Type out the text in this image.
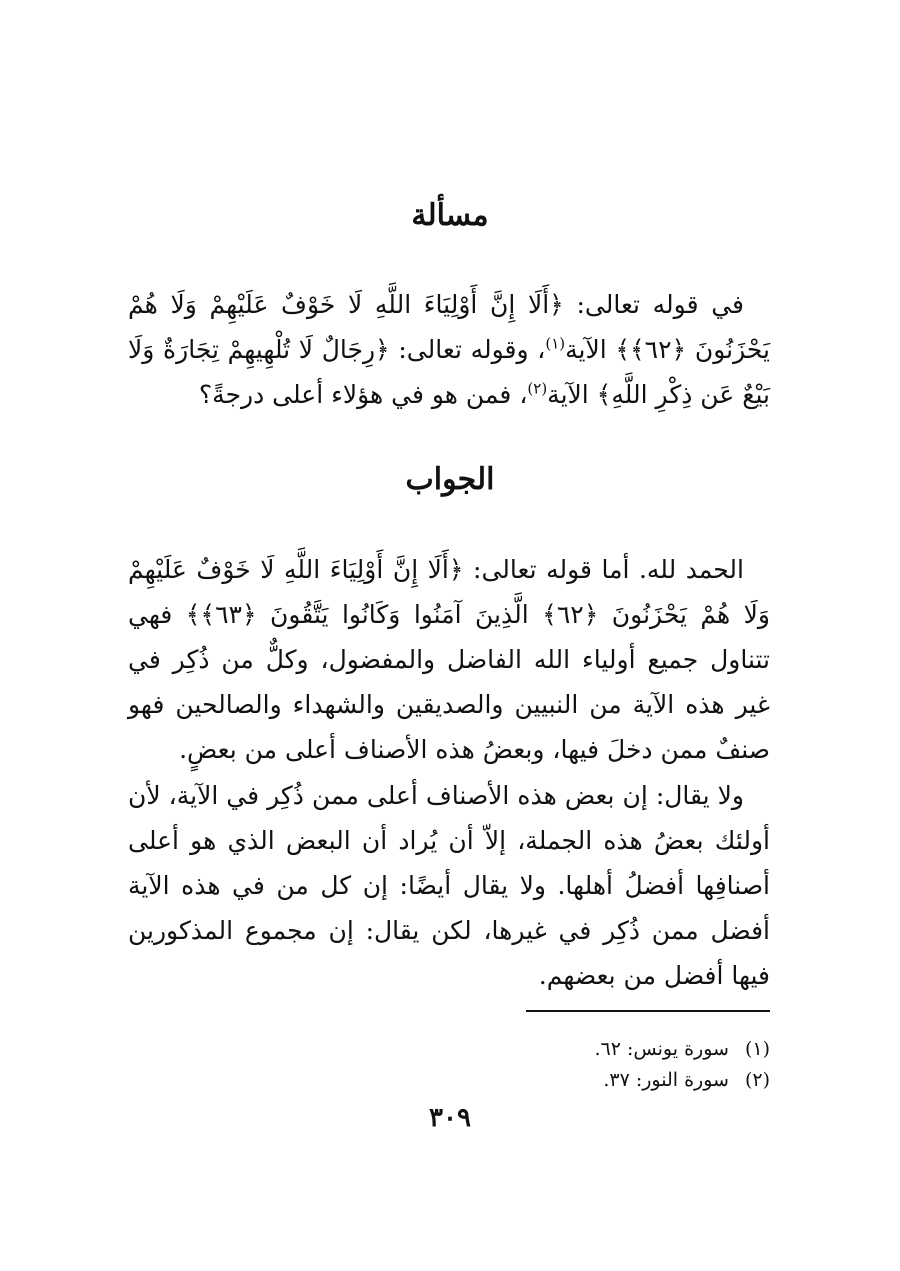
مسألة
في قوله تعالى: ﴿أَلَا إِنَّ أَوْلِيَاءَ اللَّهِ لَا خَوْفٌ عَلَيْهِمْ وَلَا هُمْ يَحْزَنُونَ ﴿٦٢﴾﴾ الآية$^{(١)}$، وقوله تعالى: ﴿رِجَالٌ لَا تُلْهِيهِمْ تِجَارَةٌ وَلَا بَيْعٌ عَن ذِكْرِ اللَّهِ﴾ الآية$^{(٢)}$، فمن هو في هؤلاء أعلى درجةً؟
الجواب
الحمد لله. أما قوله تعالى: ﴿أَلَا إِنَّ أَوْلِيَاءَ اللَّهِ لَا خَوْفٌ عَلَيْهِمْ وَلَا هُمْ يَحْزَنُونَ ﴿٦٢﴾ الَّذِينَ آمَنُوا وَكَانُوا يَتَّقُونَ ﴿٦٣﴾﴾ فهي تتناول جميع أولياء الله الفاضل والمفضول، وكلٌّ من ذُكِر في غير هذه الآية من النبيين والصديقين والشهداء والصالحين فهو صنفٌ ممن دخلَ فيها، وبعضُ هذه الأصناف أعلى من بعضٍ.
ولا يقال: إن بعض هذه الأصناف أعلى ممن ذُكِر في الآية، لأن أولئك بعضُ هذه الجملة، إلاّ أن يُراد أن البعض الذي هو أعلى أصنافِها أفضلُ أهلها. ولا يقال أيضًا: إن كل من في هذه الآية أفضل ممن ذُكِر في غيرها، لكن يقال: إن مجموع المذكورين فيها أفضل من بعضهم.
(١)سورة يونس: ٦٢.
(٢)سورة النور: ٣٧.
٣٠٩
